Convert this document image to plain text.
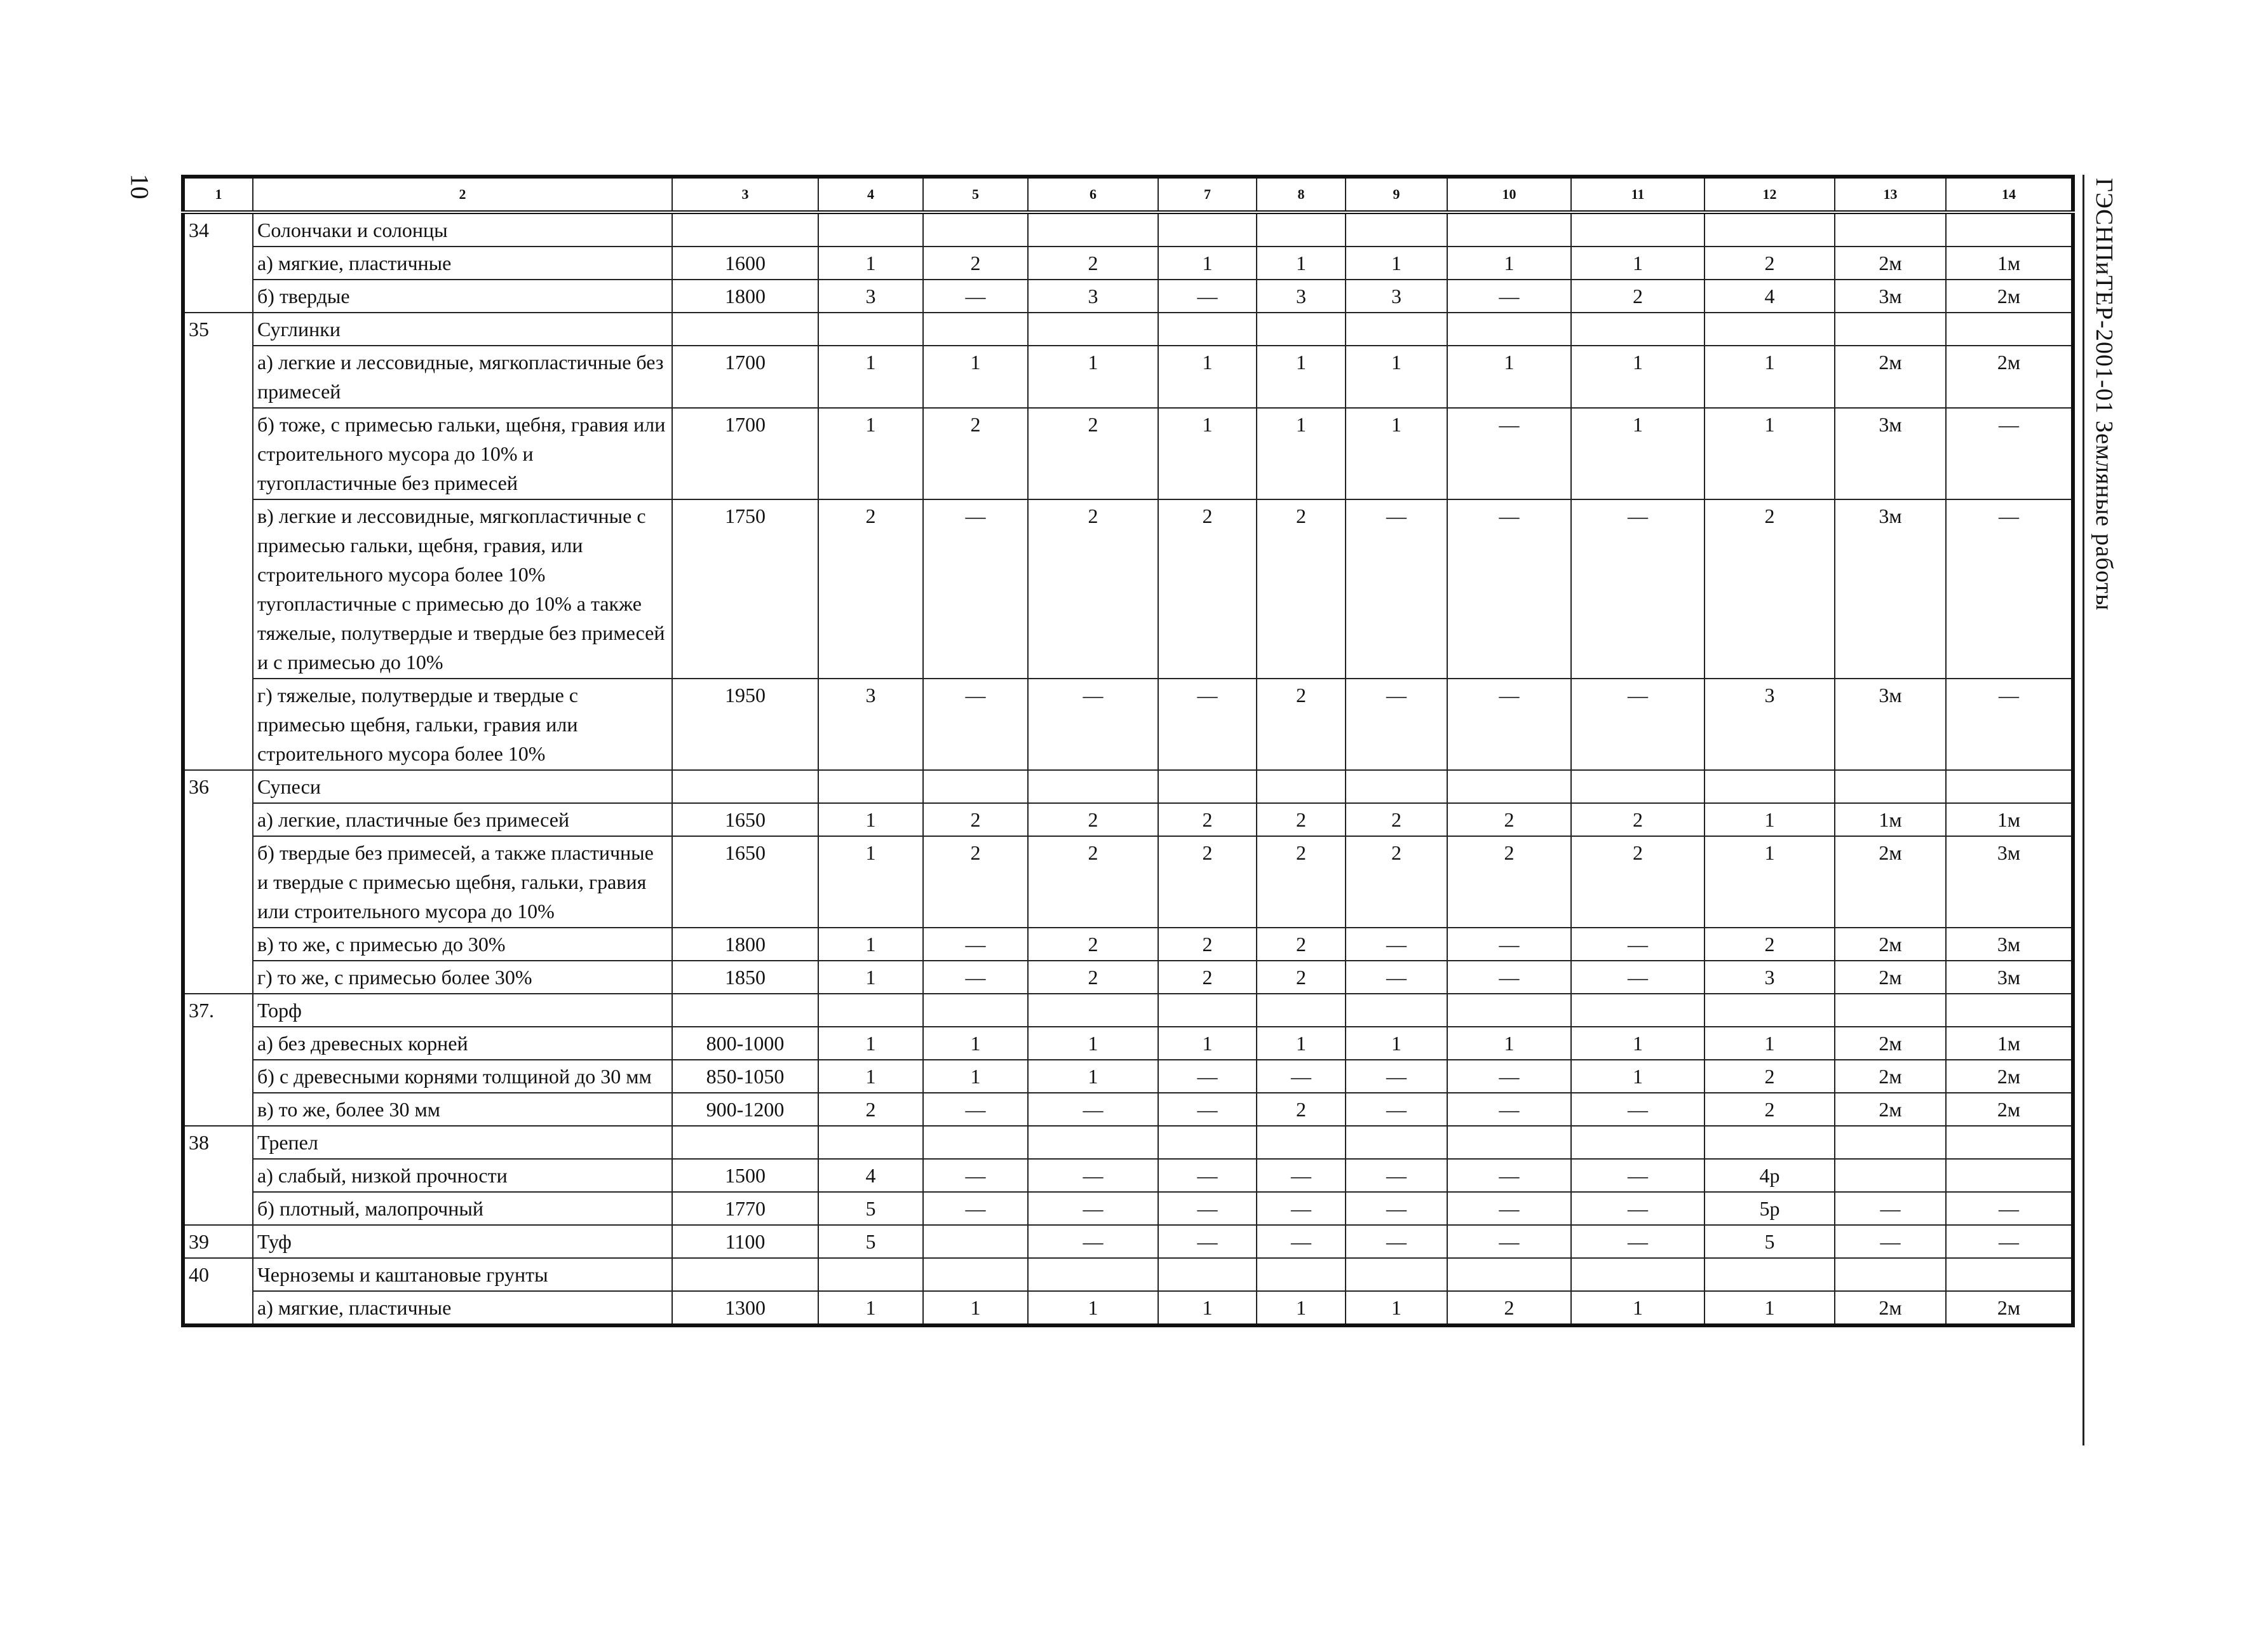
10	ГЭСНПиТЕР-2001-01 Земляные работы
1	2	3	4	5	6	7	8	9	10	11	12	13	14
34	Солончаки и солонцы												
	а) мягкие, пластичные	1600	1	2	2	1	1	1	1	1	2	2м	1м
	б) твердые	1800	3	—	3	—	3	3	—	2	4	3м	2м
35	Суглинки												
	а) легкие и лессовидные, мягкопластичные без примесей	1700	1	1	1	1	1	1	1	1	1	2м	2м
	б) тоже, с примесью гальки, щебня, гравия или строительного мусора до 10% и тугопластичные без примесей	1700	1	2	2	1	1	1	—	1	1	3м	—
	в) легкие и лессовидные, мягкопластичные с примесью гальки, щебня, гравия, или строительного мусора более 10% тугопластичные с примесью до 10% а также тяжелые, полутвердые и твердые без примесей и с примесью до 10%	1750	2	—	2	2	2	—	—	—	2	3м	—
	г) тяжелые, полутвердые и твердые с примесью щебня, гальки, гравия или строительного мусора более 10%	1950	3	—	—	—	2	—	—	—	3	3м	—
36	Супеси												
	а) легкие, пластичные без примесей	1650	1	2	2	2	2	2	2	2	1	1м	1м
	б) твердые без примесей, а также пластичные и твердые с примесью щебня, гальки, гравия или строительного мусора до 10%	1650	1	2	2	2	2	2	2	2	1	2м	3м
	в) то же, с примесью до 30%	1800	1	—	2	2	2	—	—	—	2	2м	3м
	г) то же, с примесью более 30%	1850	1	—	2	2	2	—	—	—	3	2м	3м
37.	Торф												
	а) без древесных корней	800-1000	1	1	1	1	1	1	1	1	1	2м	1м
	б) с древесными корнями толщиной до 30 мм	850-1050	1	1	1	—	—	—	—	1	2	2м	2м
	в) то же, более 30 мм	900-1200	2	—	—	—	2	—	—	—	2	2м	2м
38	Трепел												
	а) слабый, низкой прочности	1500	4	—	—	—	—	—	—	—	4р		
	б) плотный, малопрочный	1770	5	—	—	—	—	—	—	—	5р	—	—
39	Туф	1100	5		—	—	—	—	—	—	5	—	—
40	Черноземы и каштановые грунты												
	а) мягкие, пластичные	1300	1	1	1	1	1	1	2	1	1	2м	2м
